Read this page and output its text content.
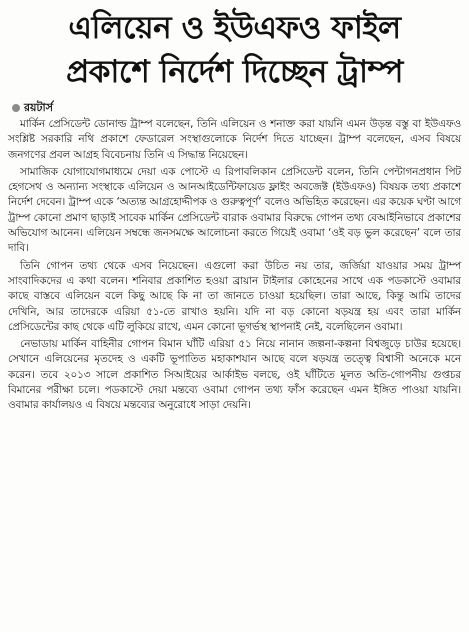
এলিয়েন ও ইউএফও ফাইল
প্রকাশে নির্দেশ দিচ্ছেন ট্রাম্প
রয়টার্স

মার্কিন প্রেসিডেন্ট ডোনাল্ড ট্রাম্প বলেছেন, তিনি এলিয়েন ও শনাক্ত করা যায়নি এমন উড়ন্ত বস্তু বা ইউএফও সংশ্লিষ্ট সরকারি নথি প্রকাশে ফেডারেল সংস্থাগুলোকে নির্দেশ দিতে যাচ্ছেন। ট্রাম্প বলেছেন, এসব বিষয়ে জনগণের প্রবল আগ্রহ বিবেচনায় তিনি এ সিদ্ধান্ত নিয়েছেন।

সামাজিক যোগাযোগমাধ্যমে দেয়া এক পোস্টে এ রিপাবলিকান প্রেসিডেন্ট বলেন, তিনি পেন্টাগনপ্রধান পিট হেগসেথ ও অন্যান্য সংস্থাকে এলিয়েন ও আনআইডেন্টিফায়েড ফ্লাইং অবজেক্ট (ইউএফও) বিষয়ক তথ্য প্রকাশে নির্দেশ দেবেন। ট্রাম্প একে ‘অত্যন্ত আগ্রহোদ্দীপক ও গুরুত্বপূর্ণ’ বলেও অভিহিত করেছেন। এর কয়েক ঘণ্টা আগে ট্রাম্প কোনো প্রমাণ ছাড়াই সাবেক মার্কিন প্রেসিডেন্ট বারাক ওবামার বিরুদ্ধে গোপন তথ্য বেআইনিভাবে প্রকাশের অভিযোগ আনেন। এলিয়েন সম্বন্ধে জনসমক্ষে আলোচনা করতে গিয়েই ওবামা ‘ওই বড় ভুল করেছেন’ বলে তার দাবি।

তিনি গোপন তথ্য থেকে এসব নিয়েছেন। এগুলো করা উচিত নয় তার, জর্জিয়া যাওয়ার সময় ট্রাম্প সাংবাদিকদের এ কথা বলেন। শনিবার প্রকাশিত হওয়া ব্রায়ান টাইলার কোহেনের সাথে এক পডকাস্টে ওবামার কাছে বাস্তবে এলিয়েন বলে কিছু আছে কি না তা জানতে চাওয়া হয়েছিল। তারা আছে, কিন্তু আমি তাদের দেখিনি, আর তাদেরকে এরিয়া ৫১-তে রাখাও হয়নি। যদি না বড় কোনো ষড়যন্ত্র হয় এবং তারা মার্কিন প্রেসিডেন্টের কাছ থেকে এটি লুকিয়ে রাখে, এমন কোনো ভূগর্ভস্থ স্থাপনাই নেই, বলেছিলেন ওবামা।

নেভাডায় মার্কিন বাহিনীর গোপন বিমান ঘাঁটি এরিয়া ৫১ নিয়ে নানান জল্পনা-কল্পনা বিশ্বজুড়ে চাউর হয়েছে। সেখানে এলিয়েনের মৃতদেহ ও একটি ভূপাতিত মহাকাশযান আছে বলে ষড়যন্ত্র তত্ত্বে বিশ্বাসী অনেকে মনে করেন। তবে ২০১৩ সালে প্রকাশিত সিআইয়ের আর্কাইভ বলছে, ওই ঘাঁটিতে মূলত অতি-গোপনীয় গুপ্তচর বিমানের পরীক্ষা চলে। পডকাস্টে দেয়া মন্তব্যে ওবামা গোপন তথ্য ফাঁস করেছেন এমন ইঙ্গিত পাওয়া যায়নি। ওবামার কার্যালয়ও এ বিষয়ে মন্তব্যের অনুরোধে সাড়া দেয়নি।
